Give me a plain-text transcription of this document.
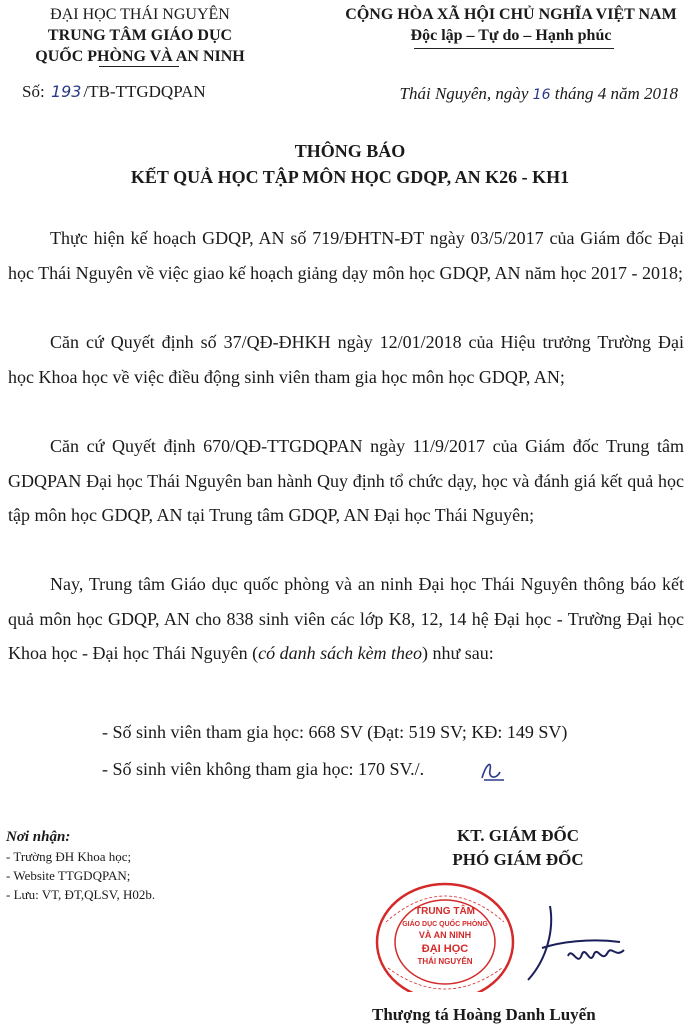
ĐẠI HỌC THÁI NGUYÊN
TRUNG TÂM GIÁO DỤC
QUỐC PHÒNG VÀ AN NINH
CỘNG HÒA XÃ HỘI CHỦ NGHĨA VIỆT NAM
Độc lập – Tự do – Hạnh phúc
Số: 193 /TB-TTGDQPAN	Thái Nguyên, ngày 16 tháng 4 năm 2018
THÔNG BÁO
KẾT QUẢ HỌC TẬP MÔN HỌC GDQP, AN K26 - KH1

Thực hiện kế hoạch GDQP, AN số 719/ĐHTN-ĐT ngày 03/5/2017 của Giám đốc Đại học Thái Nguyên về việc giao kế hoạch giảng dạy môn học GDQP, AN năm học 2017 - 2018;

Căn cứ Quyết định số 37/QĐ-ĐHKH ngày 12/01/2018 của Hiệu trưởng Trường Đại học Khoa học về việc điều động sinh viên tham gia học môn học GDQP, AN;

Căn cứ Quyết định 670/QĐ-TTGDQPAN ngày 11/9/2017 của Giám đốc Trung tâm GDQPAN Đại học Thái Nguyên ban hành Quy định tổ chức dạy, học và đánh giá kết quả học tập môn học GDQP, AN tại Trung tâm GDQP, AN Đại học Thái Nguyên;

Nay, Trung tâm Giáo dục quốc phòng và an ninh Đại học Thái Nguyên thông báo kết quả môn học GDQP, AN cho 838 sinh viên các lớp K8, 12, 14 hệ Đại học - Trường Đại học Khoa học - Đại học Thái Nguyên (có danh sách kèm theo) như sau:

- Số sinh viên tham gia học: 668 SV (Đạt: 519 SV; KĐ: 149 SV)
- Số sinh viên không tham gia học: 170 SV./.
Nơi nhận:
- Trường ĐH Khoa học;
- Website TTGDQPAN;
- Lưu: VT, ĐT,QLSV, H02b.
KT. GIÁM ĐỐC
PHÓ GIÁM ĐỐC
TRUNG TÂM
GIÁO DỤC QUỐC PHÒNG
VÀ AN NINH
ĐẠI HỌC
THÁI NGUYÊN
Thượng tá Hoàng Danh Luyến
